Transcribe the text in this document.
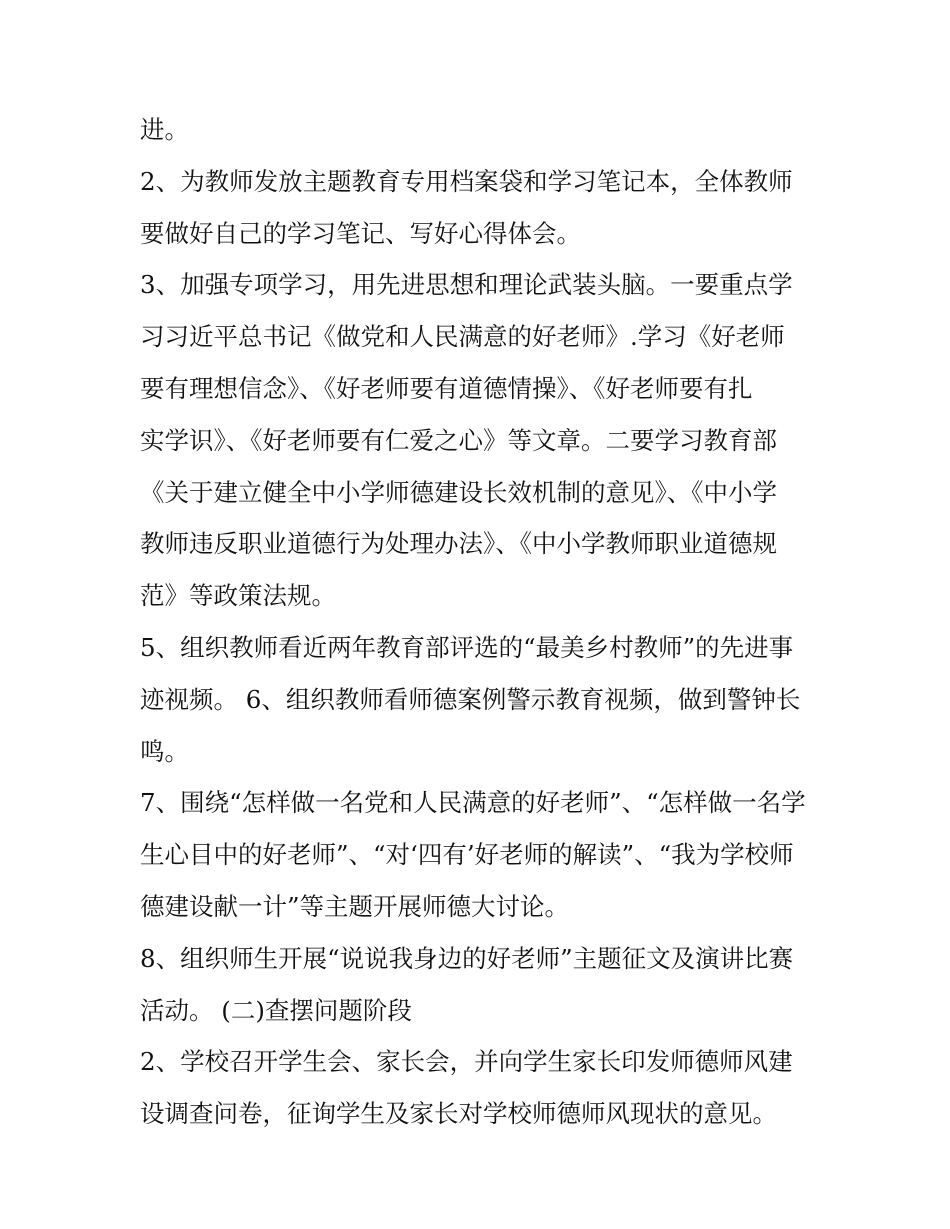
进。
2、为教师发放主题教育专用档案袋和学习笔记本，全体教师
要做好自己的学习笔记、写好心得体会。
3、加强专项学习，用先进思想和理论武装头脑。一要重点学
习习近平总书记《做党和人民满意的好老师》.学习《好老师
要有理想信念》、《好老师要有道德情操》、《好老师要有扎
实学识》、《好老师要有仁爱之心》等文章。二要学习教育部
《关于建立健全中小学师德建设长效机制的意见》、《中小学
教师违反职业道德行为处理办法》、《中小学教师职业道德规
范》等政策法规。
5、组织教师看近两年教育部评选的“最美乡村教师”的先进事
迹视频。 6、组织教师看师德案例警示教育视频，做到警钟长
鸣。
7、围绕“怎样做一名党和人民满意的好老师”、“怎样做一名学
生心目中的好老师”、“对‘四有’好老师的解读”、“我为学校师
德建设献一计”等主题开展师德大讨论。
8、组织师生开展“说说我身边的好老师”主题征文及演讲比赛
活动。 (二)查摆问题阶段
2、学校召开学生会、家长会，并向学生家长印发师德师风建
设调查问卷，征询学生及家长对学校师德师风现状的意见。
